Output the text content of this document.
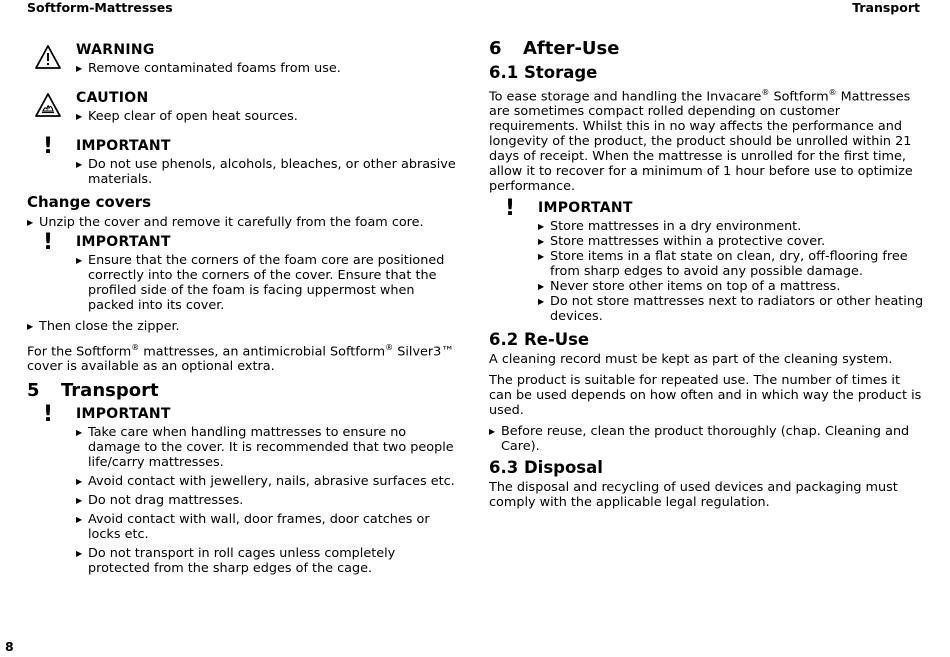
Softform-Mattresses	Transport
WARNING
▶ Remove contaminated foams from use.
CAUTION
▶ Keep clear of open heat sources.
!	IMPORTANT
▶ Do not use phenols, alcohols, bleaches, or other abrasive materials.
Change covers
▶ Unzip the cover and remove it carefully from the foam core.
!	IMPORTANT
▶ Ensure that the corners of the foam core are positioned correctly into the corners of the cover. Ensure that the profiled side of the foam is facing uppermost when packed into its cover.
▶ Then close the zipper.
For the Softform® mattresses, an antimicrobial Softform® Silver3™ cover is available as an optional extra.
5 Transport
!	IMPORTANT
▶ Take care when handling mattresses to ensure no damage to the cover. It is recommended that two people life/carry mattresses.
▶ Avoid contact with jewellery, nails, abrasive surfaces etc.
▶ Do not drag mattresses.
▶ Avoid contact with wall, door frames, door catches or locks etc.
▶ Do not transport in roll cages unless completely protected from the sharp edges of the cage.
6 After-Use
6.1 Storage
To ease storage and handling the Invacare® Softform® Mattresses are sometimes compact rolled depending on customer requirements. Whilst this in no way affects the performance and longevity of the product, the product should be unrolled within 21 days of receipt. When the mattresse is unrolled for the first time, allow it to recover for a minimum of 1 hour before use to optimize performance.
!	IMPORTANT
▶ Store mattresses in a dry environment.
▶ Store mattresses within a protective cover.
▶ Store items in a flat state on clean, dry, off-flooring free from sharp edges to avoid any possible damage.
▶ Never store other items on top of a mattress.
▶ Do not store mattresses next to radiators or other heating devices.
6.2 Re-Use
A cleaning record must be kept as part of the cleaning system.
The product is suitable for repeated use. The number of times it can be used depends on how often and in which way the product is used.
▶ Before reuse, clean the product thoroughly (chap. Cleaning and Care).
6.3 Disposal
The disposal and recycling of used devices and packaging must comply with the applicable legal regulation.
8
